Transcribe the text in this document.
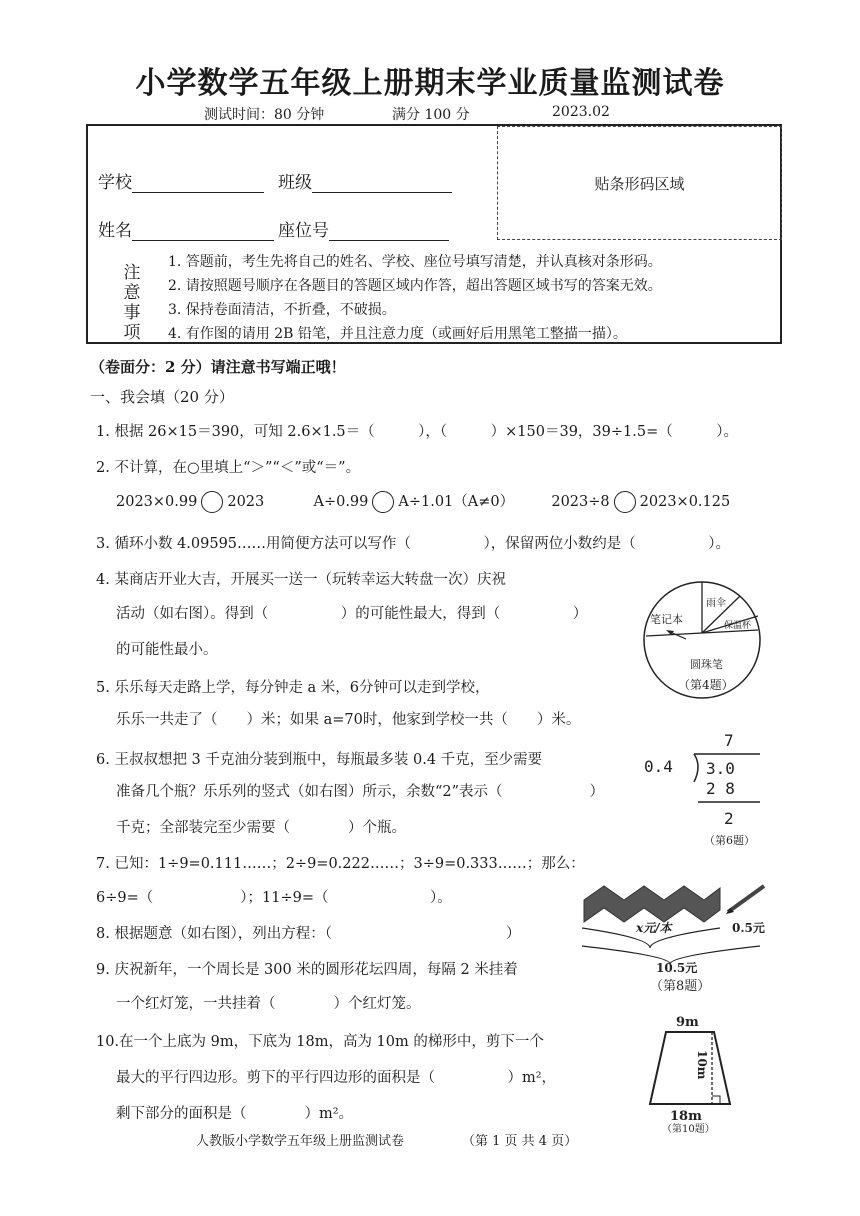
小学数学五年级上册期末学业质量监测试卷
测试时间：80 分钟	满分 100 分	2023.02
贴条形码区域
学校	班级
姓名	座位号
注
意
事
项
1. 答题前，考生先将自己的姓名、学校、座位号填写清楚，并认真核对条形码。
2. 请按照题号顺序在各题目的答题区域内作答，超出答题区域书写的答案无效。
3. 保持卷面清洁，不折叠，不破损。
4. 有作图的请用 2B 铅笔，并且注意力度（或画好后用黑笔工整描一描）。
（卷面分：2 分）请注意书写端正哦！
一、我会填（20 分）
1. 根据 26×15＝390，可知 2.6×1.5＝（　　　），（　　　）×150＝39，39÷1.5=（　　　）。
2. 不计算，在○里填上“＞”“＜”或“＝”。
2023×0.99 2023	A÷0.99 A÷1.01（A≠0）	2023÷8 2023×0.125
3. 循环小数 4.09595……用简便方法可以写作（　　　　　），保留两位小数约是（　　　　　）。
4. 某商店开业大吉，开展买一送一（玩转幸运大转盘一次）庆祝
活动（如右图）。得到（　　　　　）的可能性最大，得到（　　　　　）
的可能性最小。
笔记本
雨伞
保温杯
圆珠笔
（第4题）
5. 乐乐每天走路上学，每分钟走 a 米，6分钟可以走到学校，
乐乐一共走了（　　）米；如果 a=70时，他家到学校一共（　　）米。
6. 王叔叔想把 3 千克油分装到瓶中，每瓶最多装 0.4 千克，至少需要
准备几个瓶？乐乐列的竖式（如右图）所示，余数“2”表示（　　　　　　）
千克；全部装完至少需要（　　　　）个瓶。
7
0.4 3.0
2 8
2
（第6题）
7. 已知：1÷9=0.111……；2÷9=0.222……；3÷9=0.333……；那么：
6÷9=（　　　　　　）；11÷9=（　　　　　　　）。
8. 根据题意（如右图），列出方程：（　　　　　　　　　　　　）	x元/本	0.5元
10.5元
（第8题）
9. 庆祝新年，一个周长是 300 米的圆形花坛四周，每隔 2 米挂着
一个红灯笼，一共挂着（　　　　）个红灯笼。
10.在一个上底为 9m，下底为 18m，高为 10m 的梯形中，剪下一个
最大的平行四边形。剪下的平行四边形的面积是（　　　　　）m²，
剩下部分的面积是（　　　　）m²。
9m
10m
18m
（第10题）
人教版小学数学五年级上册监测试卷	（第 1 页 共 4 页）
